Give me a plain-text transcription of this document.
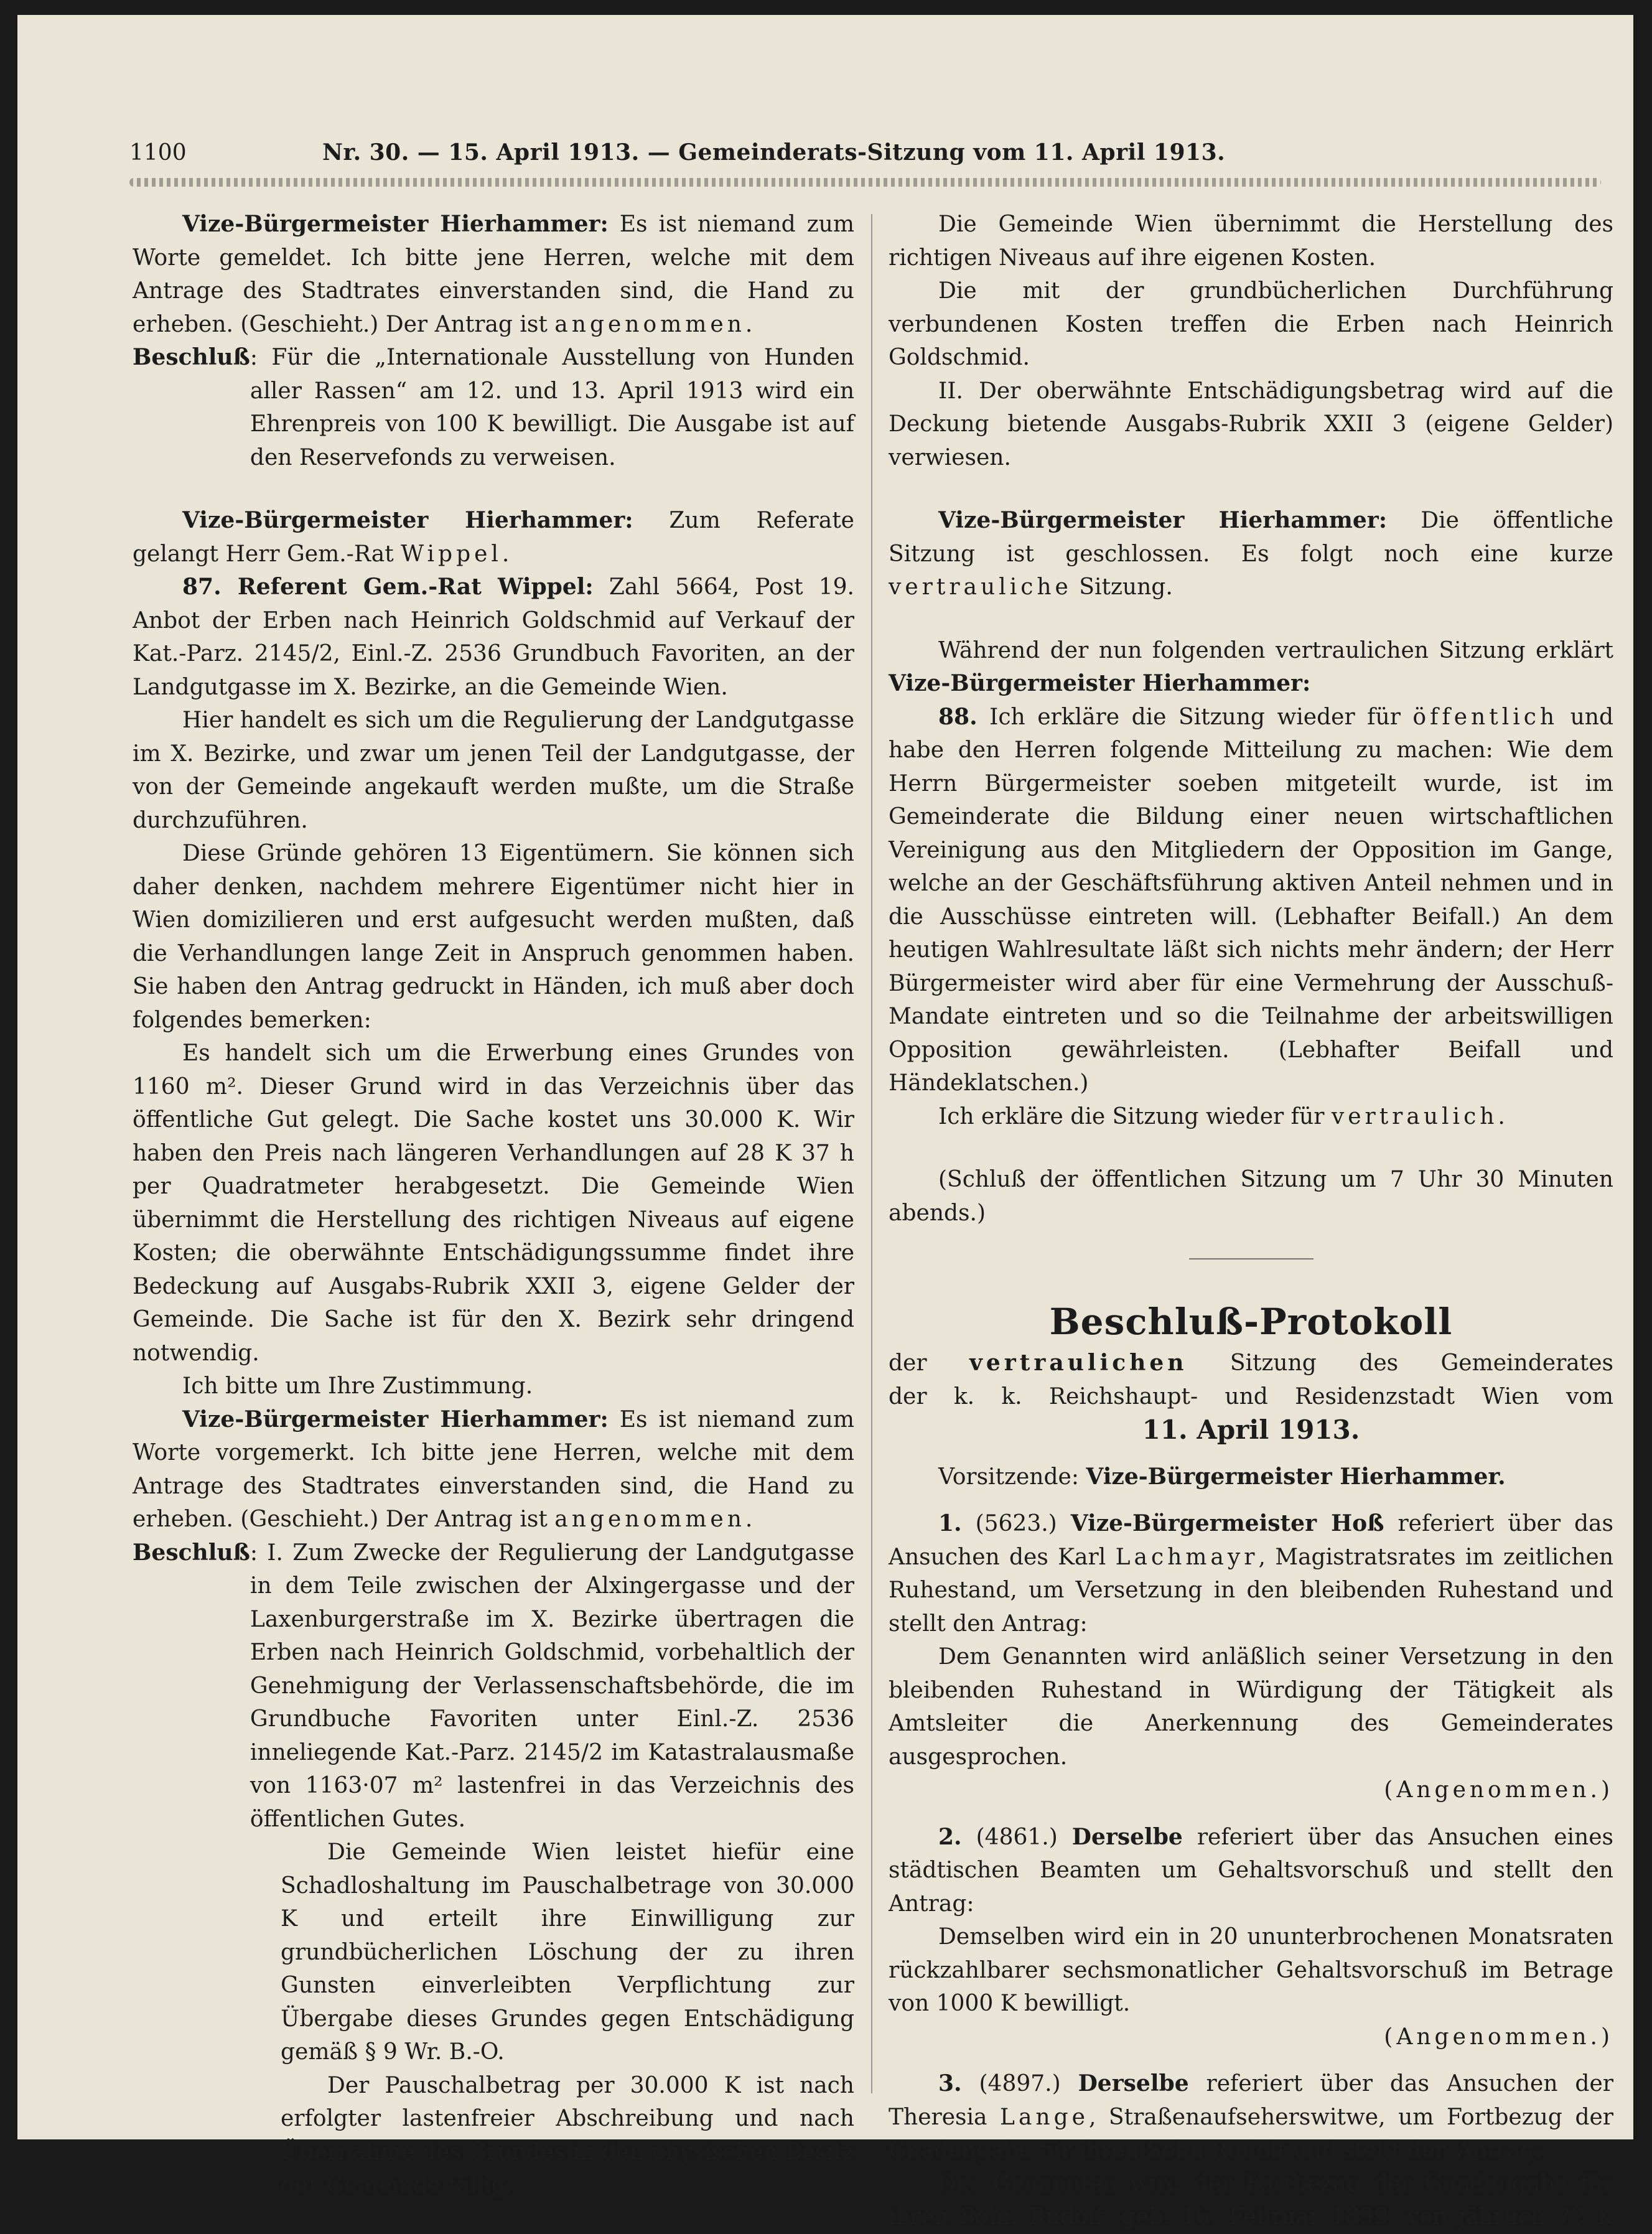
1100	Nr. 30. — 15. April 1913. — Gemeinderats-Sitzung vom 11. April 1913.

Vize-Bürgermeister Hierhammer: Es ist niemand zum Worte gemeldet. Ich bitte jene Herren, welche mit dem Antrage des Stadtrates einverstanden sind, die Hand zu erheben. (Geschieht.) Der Antrag ist angenommen.

Beschluß : Für die „Internationale Ausstellung von Hunden aller Rassen“ am 12. und 13. April 1913 wird ein Ehrenpreis von 100 K bewilligt. Die Ausgabe ist auf den Reservefonds zu verweisen.

Vize-Bürgermeister Hierhammer: Zum Referate gelangt Herr Gem.-Rat Wippel.

87. Referent Gem.-Rat Wippel: Zahl 5664, Post 19. Anbot der Erben nach Heinrich Goldschmid auf Verkauf der Kat.-Parz. 2145/2, Einl.-Z. 2536 Grundbuch Favoriten, an der Landgutgasse im X. Bezirke, an die Gemeinde Wien.

Hier handelt es sich um die Regulierung der Landgutgasse im X. Bezirke, und zwar um jenen Teil der Landgutgasse, der von der Gemeinde angekauft werden mußte, um die Straße durchzuführen.

Diese Gründe gehören 13 Eigentümern. Sie können sich daher denken, nachdem mehrere Eigentümer nicht hier in Wien domizilieren und erst aufgesucht werden mußten, daß die Verhandlungen lange Zeit in Anspruch genommen haben. Sie haben den Antrag gedruckt in Händen, ich muß aber doch folgendes bemerken:

Es handelt sich um die Erwerbung eines Grundes von 1160 m². Dieser Grund wird in das Verzeichnis über das öffentliche Gut gelegt. Die Sache kostet uns 30.000 K. Wir haben den Preis nach längeren Verhandlungen auf 28 K 37 h per Quadratmeter herabgesetzt. Die Gemeinde Wien übernimmt die Herstellung des richtigen Niveaus auf eigene Kosten; die oberwähnte Entschädigungssumme findet ihre Bedeckung auf Ausgabs-Rubrik XXII 3, eigene Gelder der Gemeinde. Die Sache ist für den X. Bezirk sehr dringend notwendig.

Ich bitte um Ihre Zustimmung.

Vize-Bürgermeister Hierhammer: Es ist niemand zum Worte vorgemerkt. Ich bitte jene Herren, welche mit dem Antrage des Stadtrates einverstanden sind, die Hand zu erheben. (Geschieht.) Der Antrag ist angenommen.

Beschluß : I. Zum Zwecke der Regulierung der Landgutgasse in dem Teile zwischen der Alxingergasse und der Laxenburgerstraße im X. Bezirke übertragen die Erben nach Heinrich Goldschmid, vorbehaltlich der Genehmigung der Verlassenschaftsbehörde, die im Grundbuche Favoriten unter Einl.-Z. 2536 inneliegende Kat.-Parz. 2145/2 im Katastralausmaße von 1163·07 m² lastenfrei in das Verzeichnis des öffentlichen Gutes.

Die Gemeinde Wien leistet hiefür eine Schadloshaltung im Pauschalbetrage von 30.000 K und erteilt ihre Einwilligung zur grundbücherlichen Löschung der zu ihren Gunsten einverleibten Verpflichtung zur Übergabe dieses Grundes gegen Entschädigung gemäß § 9 Wr. B.-O.

Der Pauschalbetrag per 30.000 K ist nach erfolgter lastenfreier Abschreibung und nach Übernahme des Grundes in den physischen Besitz der Gemeinde fällig.

Die Gemeinde Wien übernimmt die Herstellung des richtigen Niveaus auf ihre eigenen Kosten.

Die mit der grundbücherlichen Durchführung verbundenen Kosten treffen die Erben nach Heinrich Goldschmid.

II. Der oberwähnte Entschädigungsbetrag wird auf die Deckung bietende Ausgabs-Rubrik XXII 3 (eigene Gelder) verwiesen.

Vize-Bürgermeister Hierhammer: Die öffentliche Sitzung ist geschlossen. Es folgt noch eine kurze vertrauliche Sitzung.

Während der nun folgenden vertraulichen Sitzung erklärt

Vize-Bürgermeister Hierhammer:

88. Ich erkläre die Sitzung wieder für öffentlich und habe den Herren folgende Mitteilung zu machen: Wie dem Herrn Bürgermeister soeben mitgeteilt wurde, ist im Gemeinderate die Bildung einer neuen wirtschaftlichen Vereinigung aus den Mitgliedern der Opposition im Gange, welche an der Geschäftsführung aktiven Anteil nehmen und in die Ausschüsse eintreten will. (Lebhafter Beifall.) An dem heutigen Wahlresultate läßt sich nichts mehr ändern; der Herr Bürgermeister wird aber für eine Vermehrung der Ausschuß-Mandate eintreten und so die Teilnahme der arbeitswilligen Opposition gewährleisten. (Lebhafter Beifall und Händeklatschen.)

Ich erkläre die Sitzung wieder für vertraulich.

(Schluß der öffentlichen Sitzung um 7 Uhr 30 Minuten abends.)

Beschluß-Protokoll

der vertraulichen Sitzung des Gemeinderates

der k. k. Reichshaupt- und Residenzstadt Wien vom

11. April 1913.

Vorsitzende: Vize-Bürgermeister Hierhammer.

1. (5623.) Vize-Bürgermeister Hoß referiert über das Ansuchen des Karl Lachmayr, Magistratsrates im zeitlichen Ruhestand, um Versetzung in den bleibenden Ruhestand und stellt den Antrag:

Dem Genannten wird anläßlich seiner Versetzung in den bleibenden Ruhestand in Würdigung der Tätigkeit als Amtsleiter die Anerkennung des Gemeinderates ausgesprochen.

(Angenommen.)

2. (4861.) Derselbe referiert über das Ansuchen eines städtischen Beamten um Gehaltsvorschuß und stellt den Antrag:

Demselben wird ein in 20 ununterbrochenen Monatsraten rückzahlbarer sechsmonatlicher Gehaltsvorschuß im Betrage von 1000 K bewilligt.

(Angenommen.)

3. (4897.) Derselbe referiert über das Ansuchen der Theresia Lange, Straßenaufseherswitwe, um Fortbezug der Gnadengabe für ihren Sohn Rudolf und stellt den Antrag:

Der Genannten wird der Fortbezug der Gnadengabe für ihren Sohn Rudolf, geb. 16. Februar 1899, von jährlich 72 K
